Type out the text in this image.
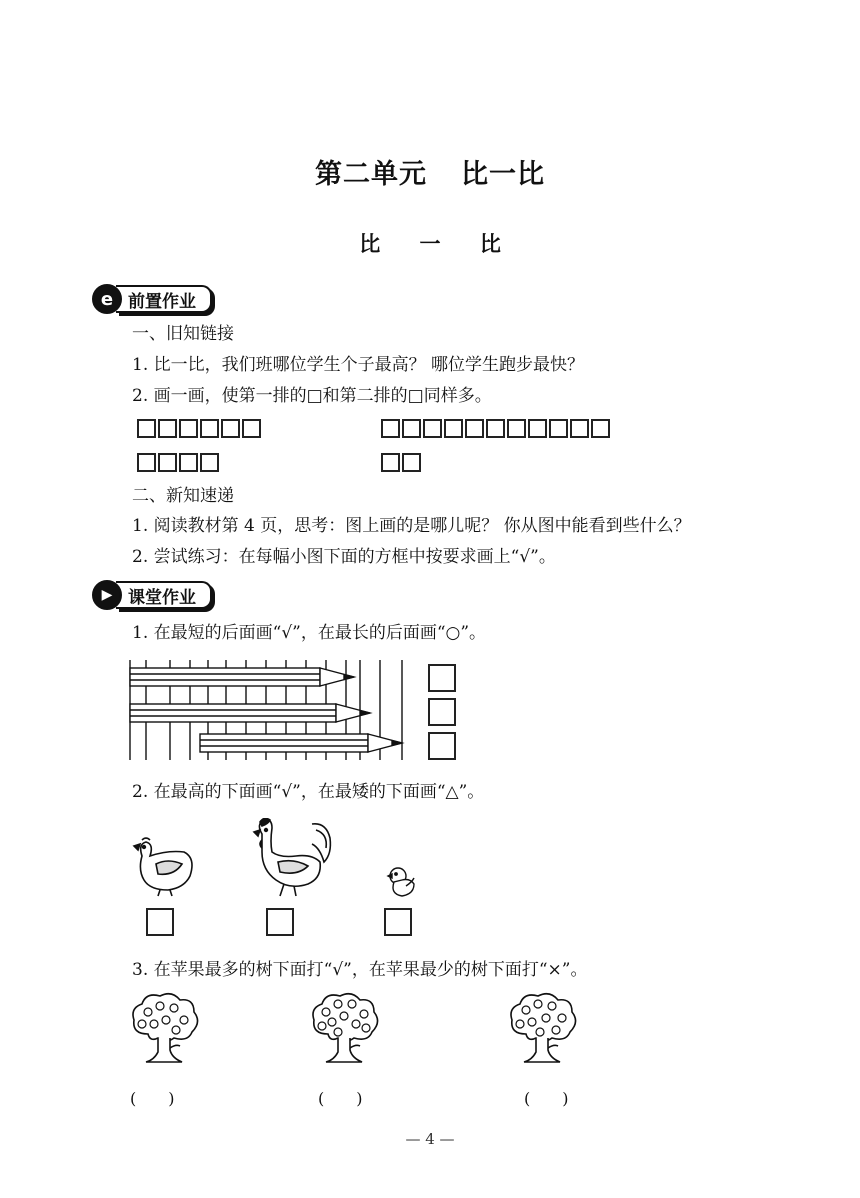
第二单元 比一比
比 一 比
e 前置作业
一、旧知链接
1. 比一比，我们班哪位学生个子最高？ 哪位学生跑步最快？
2. 画一画，使第一排的□和第二排的□同样多。
二、新知速递
1. 阅读教材第 4 页，思考：图上画的是哪儿呢？ 你从图中能看到些什么？
2. 尝试练习：在每幅小图下面的方框中按要求画上“√”。
▶ 课堂作业
1. 在最短的后面画“√”，在最长的后面画“○”。
2. 在最高的下面画“√”，在最矮的下面画“△”。
3. 在苹果最多的树下面打“√”，在苹果最少的树下面打“×”。
(　　)	(　　)	(　　)
— 4 —
